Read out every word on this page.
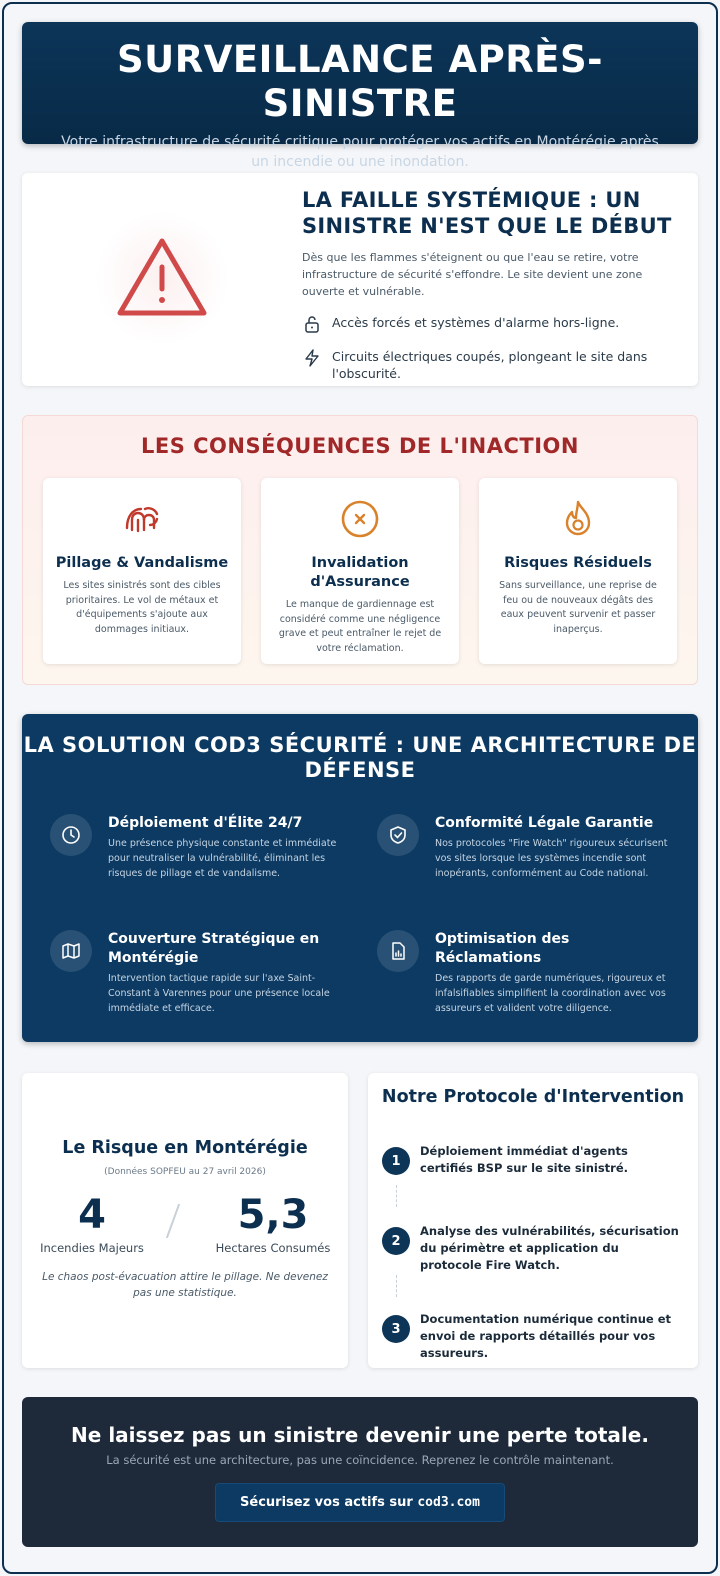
SURVEILLANCE APRÈS-SINISTRE

Votre infrastructure de sécurité critique pour protéger vos actifs en Montérégie après un incendie ou une inondation.

LA FAILLE SYSTÉMIQUE : UN SINISTRE N'EST QUE LE DÉBUT

Dès que les flammes s'éteignent ou que l'eau se retire, votre infrastructure de sécurité s'effondre. Le site devient une zone ouverte et vulnérable.

Accès forcés et systèmes d'alarme hors-ligne.
Circuits électriques coupés, plongeant le site dans l'obscurité.
LES CONSÉQUENCES DE L'INACTION
Pillage & Vandalisme

Les sites sinistrés sont des cibles prioritaires. Le vol de métaux et d'équipements s'ajoute aux dommages initiaux.

Invalidation d'Assurance

Le manque de gardiennage est considéré comme une négligence grave et peut entraîner le rejet de votre réclamation.

Risques Résiduels

Sans surveillance, une reprise de feu ou de nouveaux dégâts des eaux peuvent survenir et passer inaperçus.

LA SOLUTION COD3 SÉCURITÉ : UNE ARCHITECTURE DE DÉFENSE
Déploiement d'Élite 24/7

Une présence physique constante et immédiate pour neutraliser la vulnérabilité, éliminant les risques de pillage et de vandalisme.

Conformité Légale Garantie

Nos protocoles "Fire Watch" rigoureux sécurisent vos sites lorsque les systèmes incendie sont inopérants, conformément au Code national.

Couverture Stratégique en Montérégie

Intervention tactique rapide sur l'axe Saint-Constant à Varennes pour une présence locale immédiate et efficace.

Optimisation des Réclamations

Des rapports de garde numériques, rigoureux et infalsifiables simplifient la coordination avec vos assureurs et valident votre diligence.

Le Risque en Montérégie

(Données SOPFEU au 27 avril 2026)

4
Incendies Majeurs
5,3
Hectares Consumés

Le chaos post-évacuation attire le pillage. Ne devenez pas une statistique.

Notre Protocole d'Intervention
1

Déploiement immédiat d'agents certifiés BSP sur le site sinistré.

2

Analyse des vulnérabilités, sécurisation du périmètre et application du protocole Fire Watch.

3

Documentation numérique continue et envoi de rapports détaillés pour vos assureurs.

Ne laissez pas un sinistre devenir une perte totale.

La sécurité est une architecture, pas une coïncidence. Reprenez le contrôle maintenant.

Sécurisez vos actifs sur cod3.com
